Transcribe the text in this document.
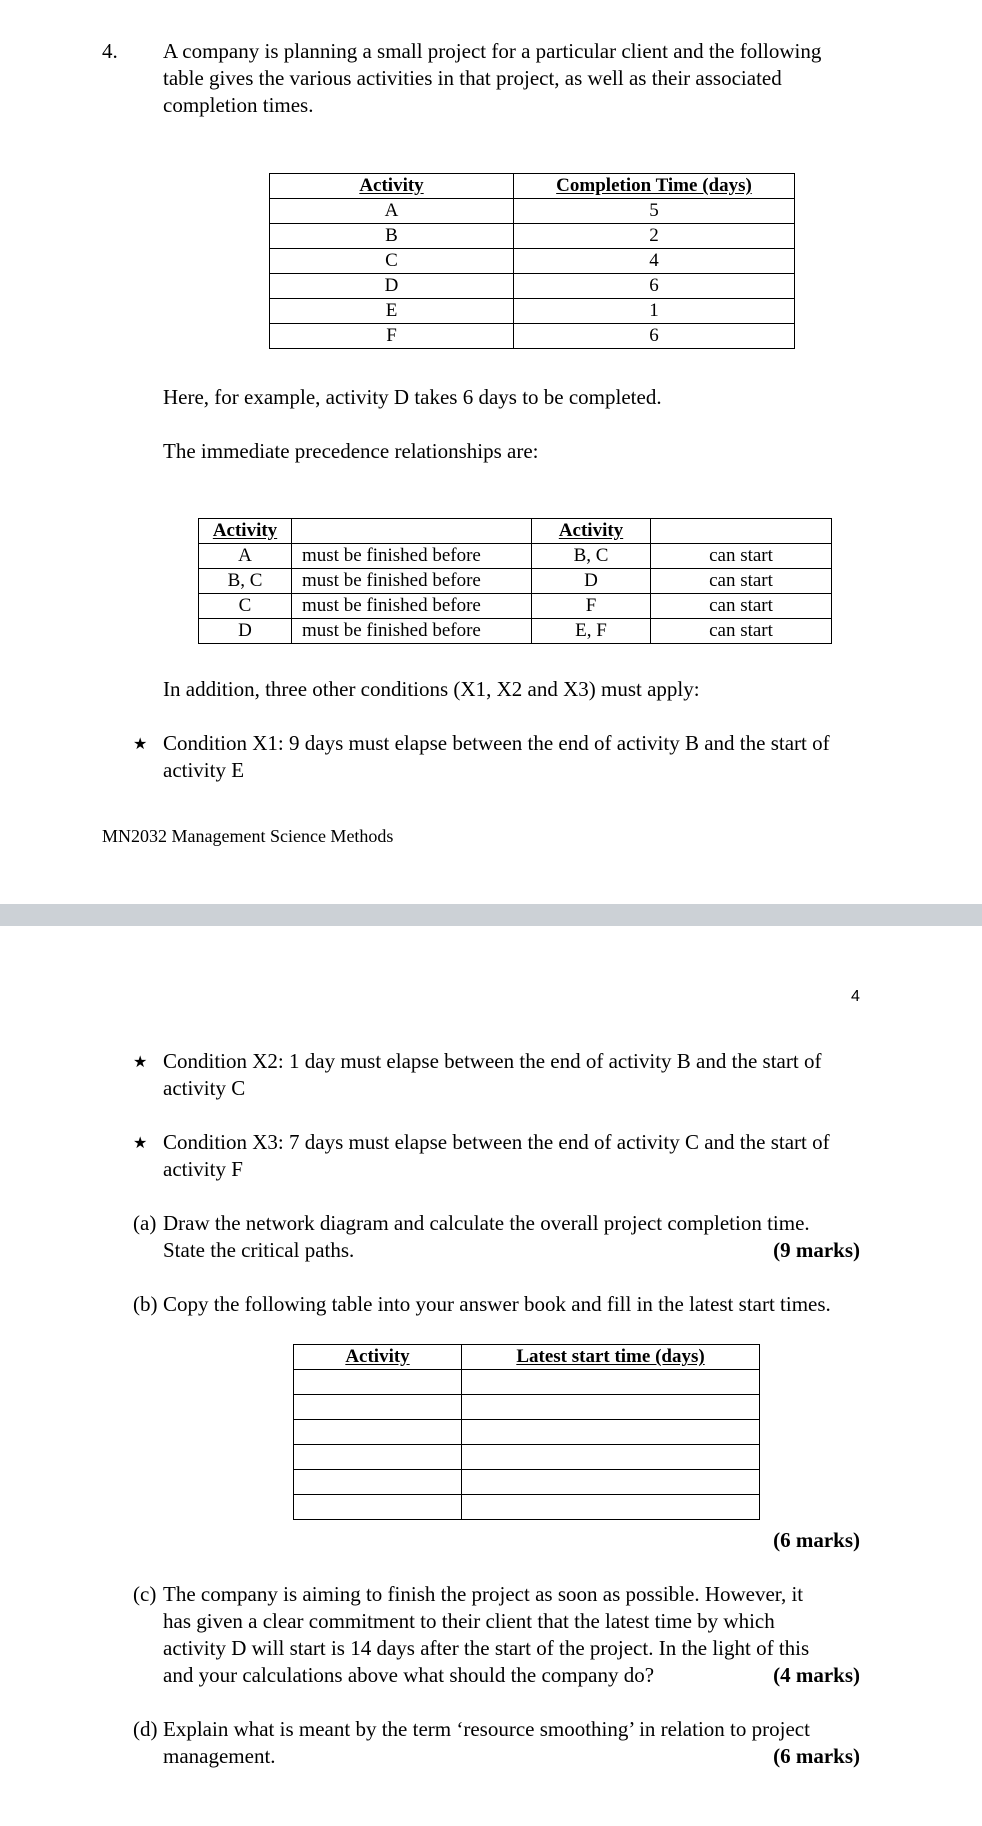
4. A company is planning a small project for a particular client and the following table gives the various activities in that project, as well as their associated completion times.
Activity	Completion Time (days)
A	5
B	2
C	4
D	6
E	1
F	6
Here, for example, activity D takes 6 days to be completed.
The immediate precedence relationships are:
Activity		Activity	
A	must be finished before	B, C	can start
B, C	must be finished before	D	can start
C	must be finished before	F	can start
D	must be finished before	E, F	can start
In addition, three other conditions (X1, X2 and X3) must apply:
★ Condition X1: 9 days must elapse between the end of activity B and the start of activity E
MN2032 Management Science Methods
4
★ Condition X2: 1 day must elapse between the end of activity B and the start of activity C
★ Condition X3: 7 days must elapse between the end of activity C and the start of activity F
(a) Draw the network diagram and calculate the overall project completion time.
State the critical paths.	(9 marks)
(b) Copy the following table into your answer book and fill in the latest start times.
Activity	Latest start time (days)

(6 marks)
(c) The company is aiming to finish the project as soon as possible. However, it
has given a clear commitment to their client that the latest time by which
activity D will start is 14 days after the start of the project. In the light of this
and your calculations above what should the company do?	(4 marks)
(d) Explain what is meant by the term ‘resource smoothing’ in relation to project
management.	(6 marks)
